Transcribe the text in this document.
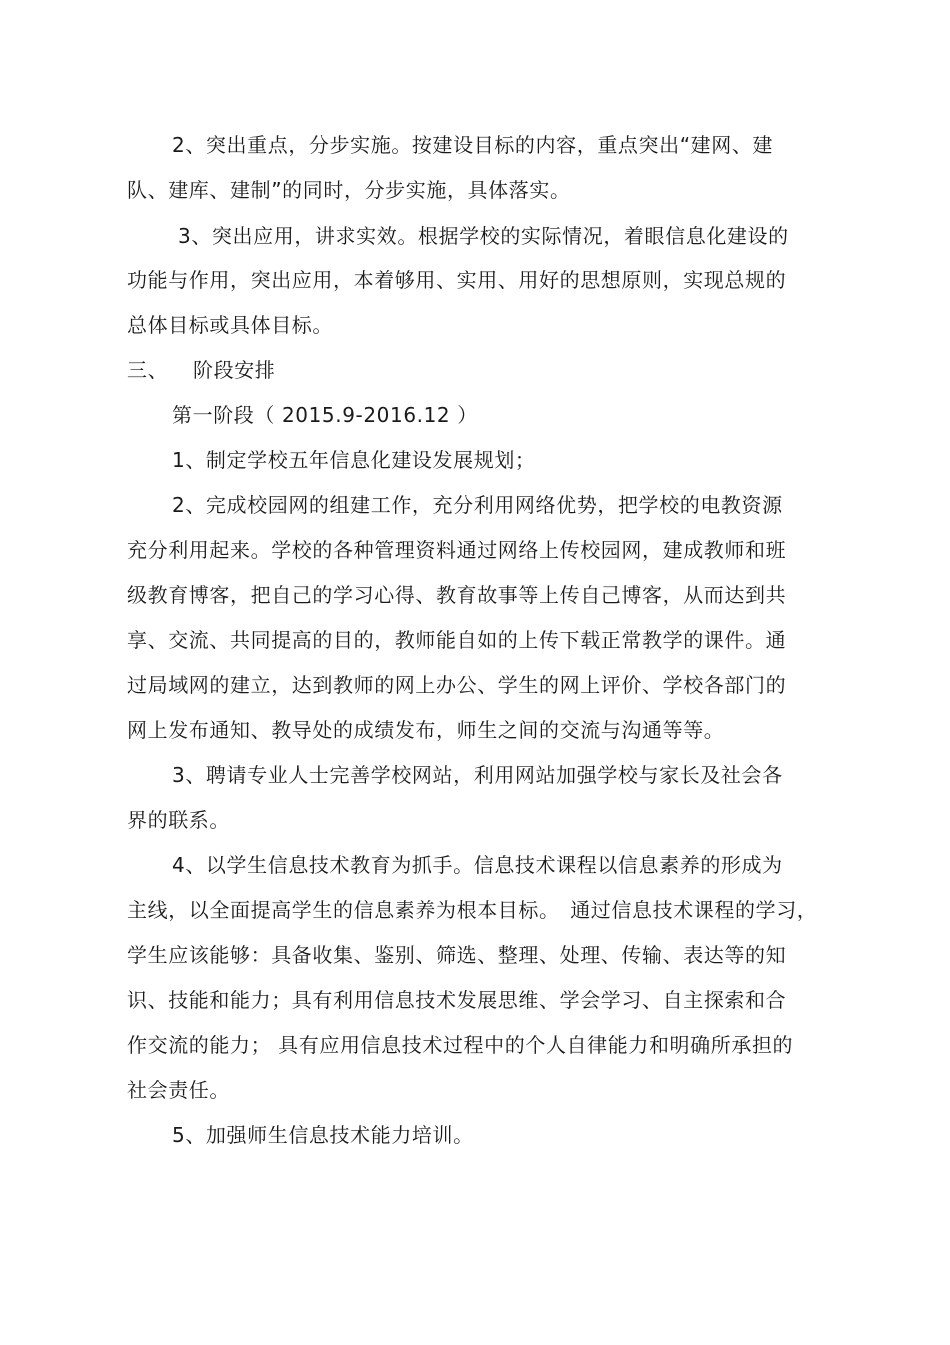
2、突出重点，分步实施。按建设目标的内容，重点突出“建网、建
队、建库、建制”的同时，分步实施，具体落实。
3、突出应用，讲求实效。根据学校的实际情况，着眼信息化建设的
功能与作用，突出应用，本着够用、实用、用好的思想原则，实现总规的
总体目标或具体目标。
三、 阶段安排
第一阶段（ 2015.9-2016.12 ）
1、制定学校五年信息化建设发展规划；
2、完成校园网的组建工作，充分利用网络优势，把学校的电教资源
充分利用起来。学校的各种管理资料通过网络上传校园网，建成教师和班
级教育博客，把自己的学习心得、教育故事等上传自己博客，从而达到共
享、交流、共同提高的目的，教师能自如的上传下载正常教学的课件。通
过局域网的建立，达到教师的网上办公、学生的网上评价、学校各部门的
网上发布通知、教导处的成绩发布，师生之间的交流与沟通等等。
3、聘请专业人士完善学校网站，利用网站加强学校与家长及社会各
界的联系。
4、以学生信息技术教育为抓手。信息技术课程以信息素养的形成为
主线，以全面提高学生的信息素养为根本目标。　通过信息技术课程的学习，
学生应该能够：具备收集、鉴别、筛选、整理、处理、传输、表达等的知
识、技能和能力；具有利用信息技术发展思维、学会学习、自主探索和合
作交流的能力； 具有应用信息技术过程中的个人自律能力和明确所承担的
社会责任。
5、加强师生信息技术能力培训。
